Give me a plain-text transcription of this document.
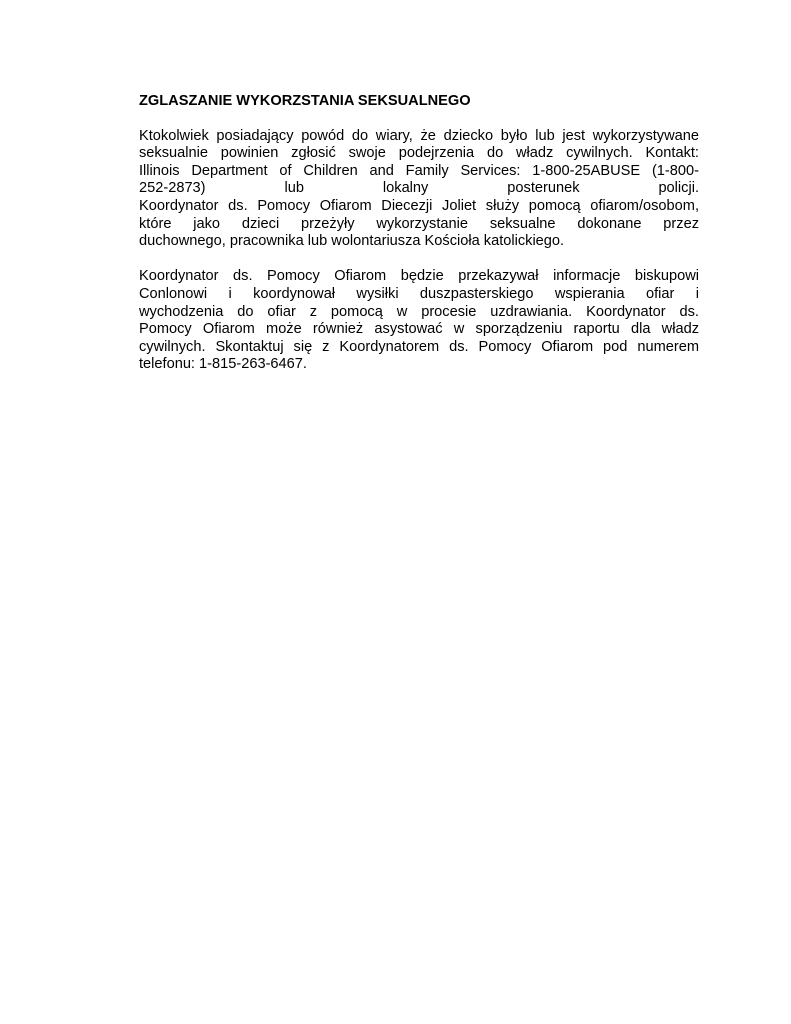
ZGLASZANIE WYKORZSTANIA SEKSUALNEGO
Ktokolwiek posiadający powód do wiary, że dziecko było lub jest wykorzystywane
seksualnie powinien zgłosić swoje podejrzenia do władz cywilnych. Kontakt:
Illinois Department of Children and Family Services: 1-800-25ABUSE (1-800-
252-2873) lub lokalny posterunek policji.
Koordynator ds. Pomocy Ofiarom Diecezji Joliet służy pomocą ofiarom/osobom,
które jako dzieci przeżyły wykorzystanie seksualne dokonane przez
duchownego, pracownika lub wolontariusza Kościoła katolickiego.
Koordynator ds. Pomocy Ofiarom będzie przekazywał informacje biskupowi
Conlonowi i koordynował wysiłki duszpasterskiego wspierania ofiar i
wychodzenia do ofiar z pomocą w procesie uzdrawiania. Koordynator ds.
Pomocy Ofiarom może również asystować w sporządzeniu raportu dla władz
cywilnych. Skontaktuj się z Koordynatorem ds. Pomocy Ofiarom pod numerem
telefonu: 1-815-263-6467.
